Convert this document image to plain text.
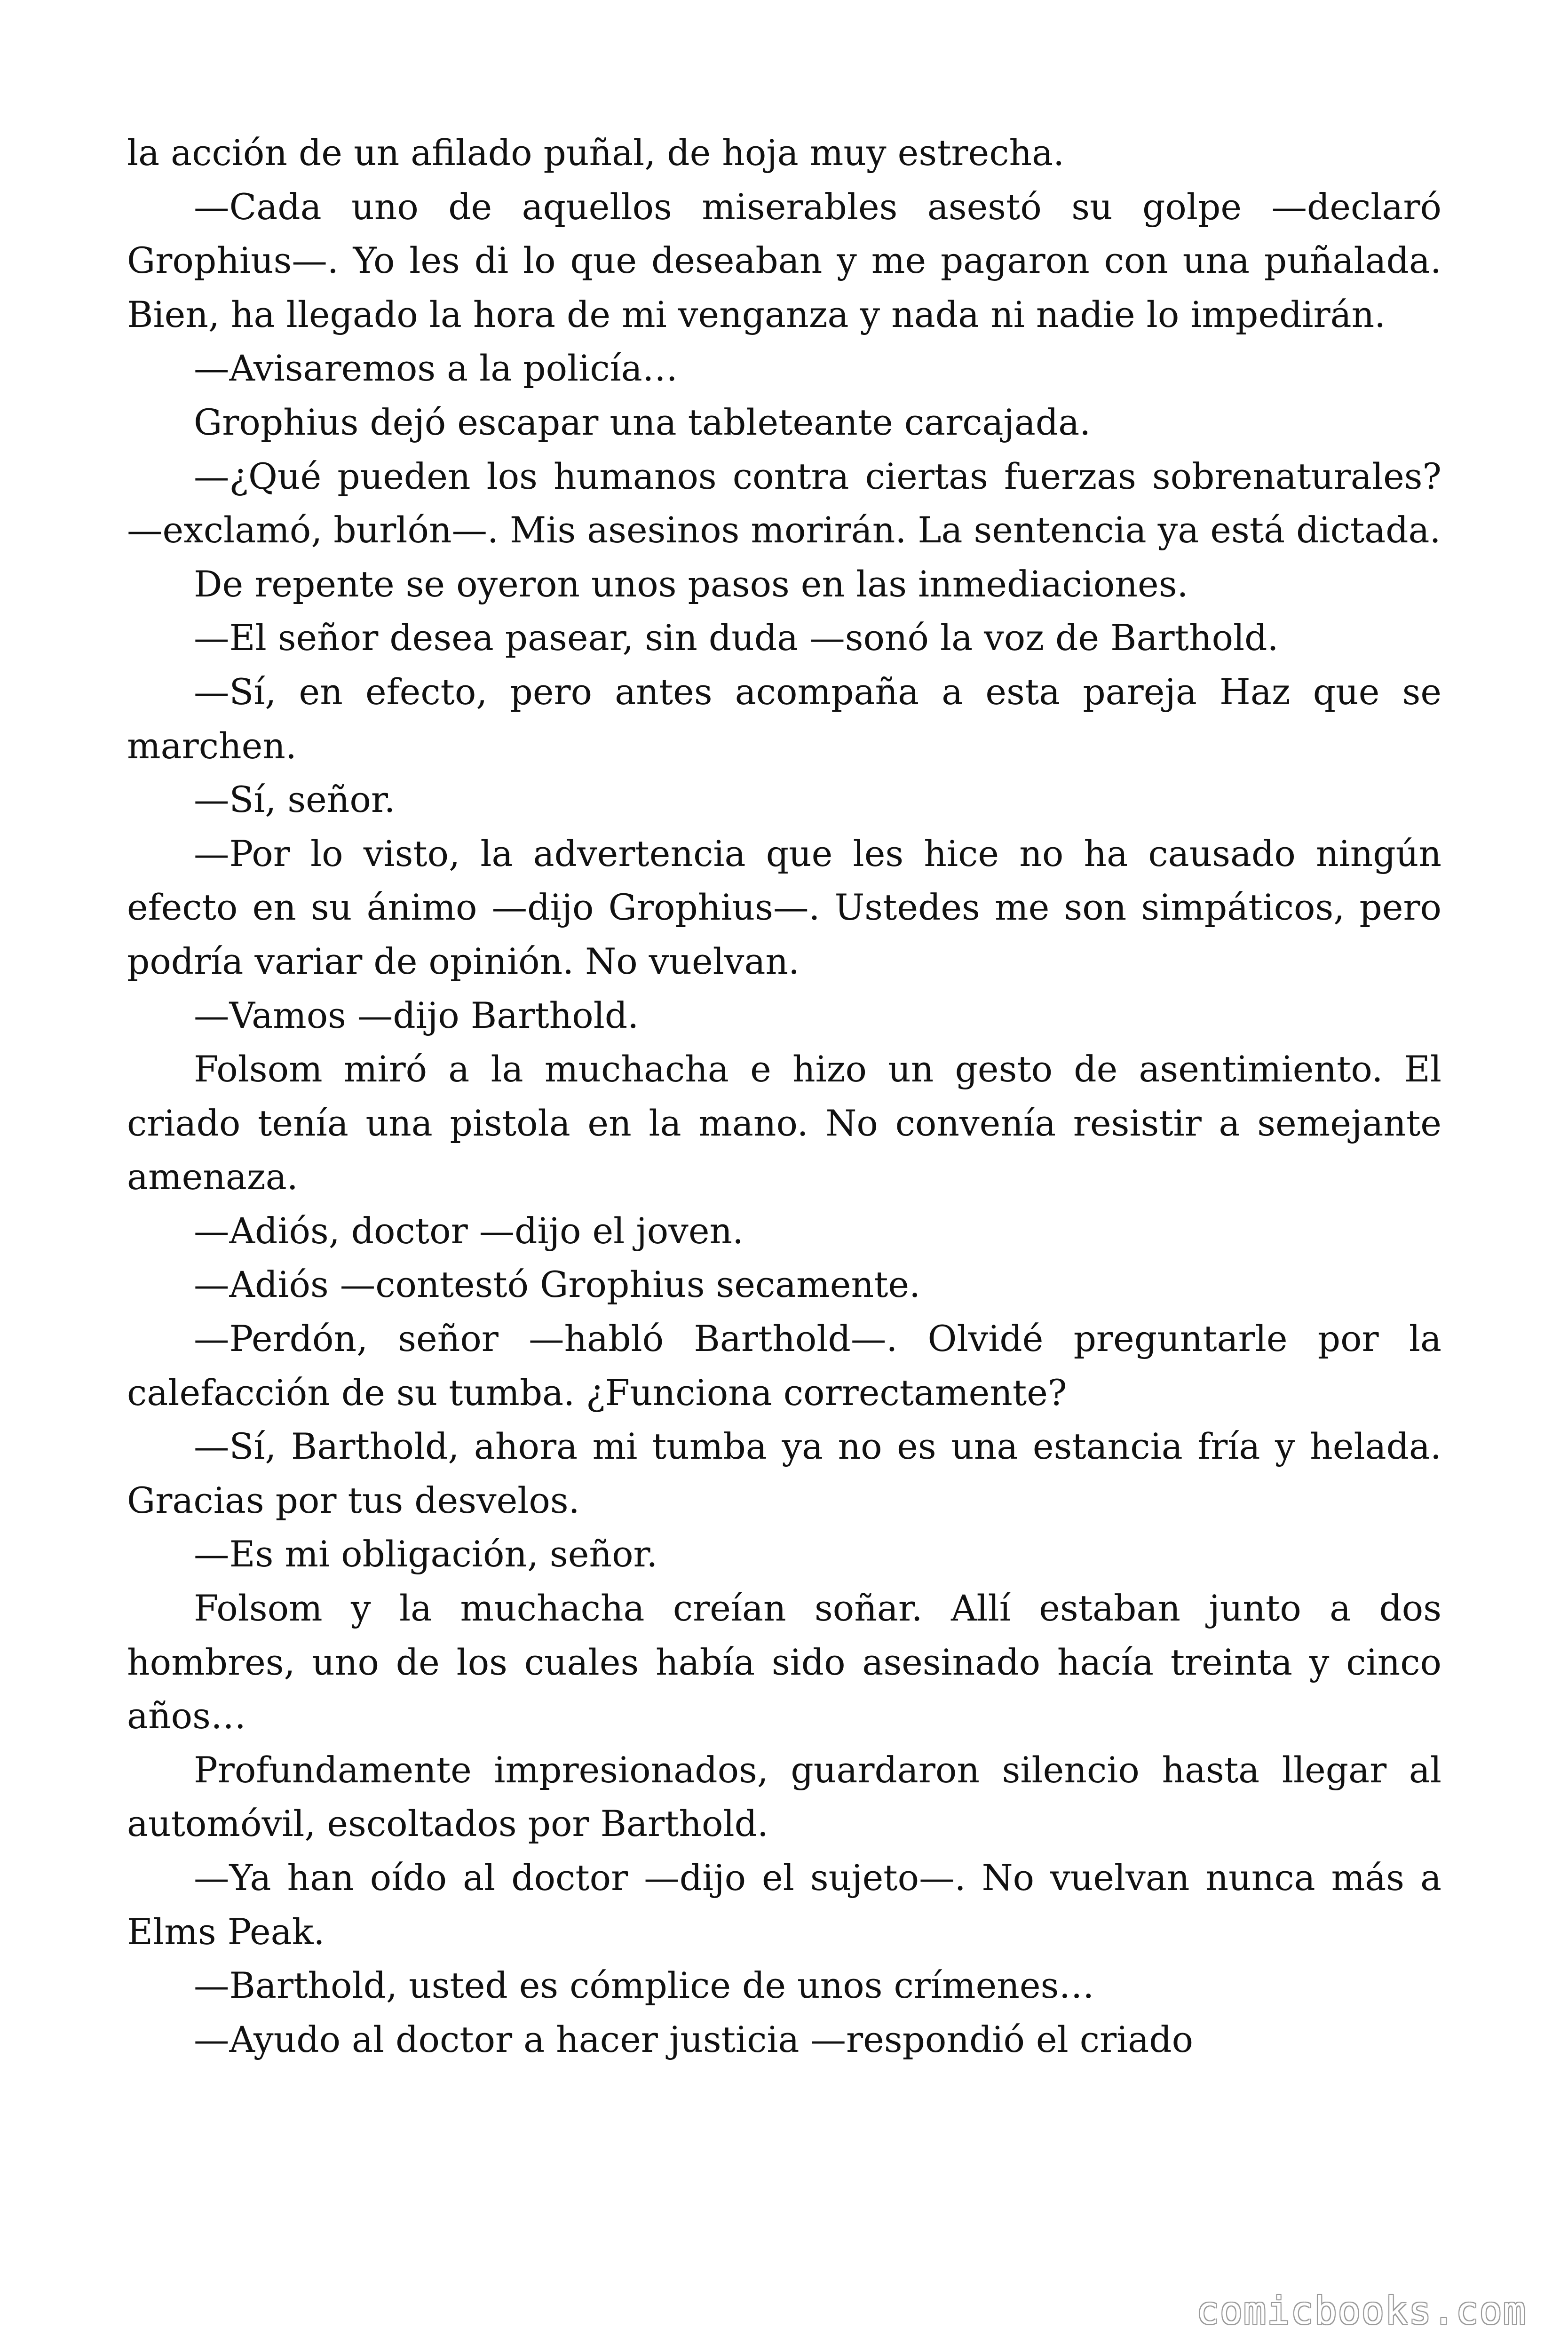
la acción de un afilado puñal, de hoja muy estrecha.

—Cada uno de aquellos miserables asestó su golpe —declaró Grophius—. Yo les di lo que deseaban y me pagaron con una puñalada. Bien, ha llegado la hora de mi venganza y nada ni nadie lo impedirán.

—Avisaremos a la policía…

Grophius dejó escapar una tableteante carcajada.

—¿Qué pueden los humanos contra ciertas fuerzas sobrenaturales? —exclamó, burlón—. Mis asesinos morirán. La sentencia ya está dictada.

De repente se oyeron unos pasos en las inmediaciones.

—El señor desea pasear, sin duda —sonó la voz de Barthold.

—Sí, en efecto, pero antes acompaña a esta pareja Haz que se marchen.

—Sí, señor.

—Por lo visto, la advertencia que les hice no ha causado ningún efecto en su ánimo —dijo Grophius—. Ustedes me son simpáticos, pero podría variar de opinión. No vuelvan.

—Vamos —dijo Barthold.

Folsom miró a la muchacha e hizo un gesto de asentimiento. El criado tenía una pistola en la mano. No convenía resistir a semejante amenaza.

—Adiós, doctor —dijo el joven.

—Adiós —contestó Grophius secamente.

—Perdón, señor —habló Barthold—. Olvidé preguntarle por la calefacción de su tumba. ¿Funciona correctamente?

—Sí, Barthold, ahora mi tumba ya no es una estancia fría y helada. Gracias por tus desvelos.

—Es mi obligación, señor.

Folsom y la muchacha creían soñar. Allí estaban junto a dos hombres, uno de los cuales había sido asesinado hacía treinta y cinco años…

Profundamente impresionados, guardaron silencio hasta llegar al automóvil, escoltados por Barthold.

—Ya han oído al doctor —dijo el sujeto—. No vuelvan nunca más a Elms Peak.

—Barthold, usted es cómplice de unos crímenes…

—Ayudo al doctor a hacer justicia —respondió el criado

comicbooks.com
